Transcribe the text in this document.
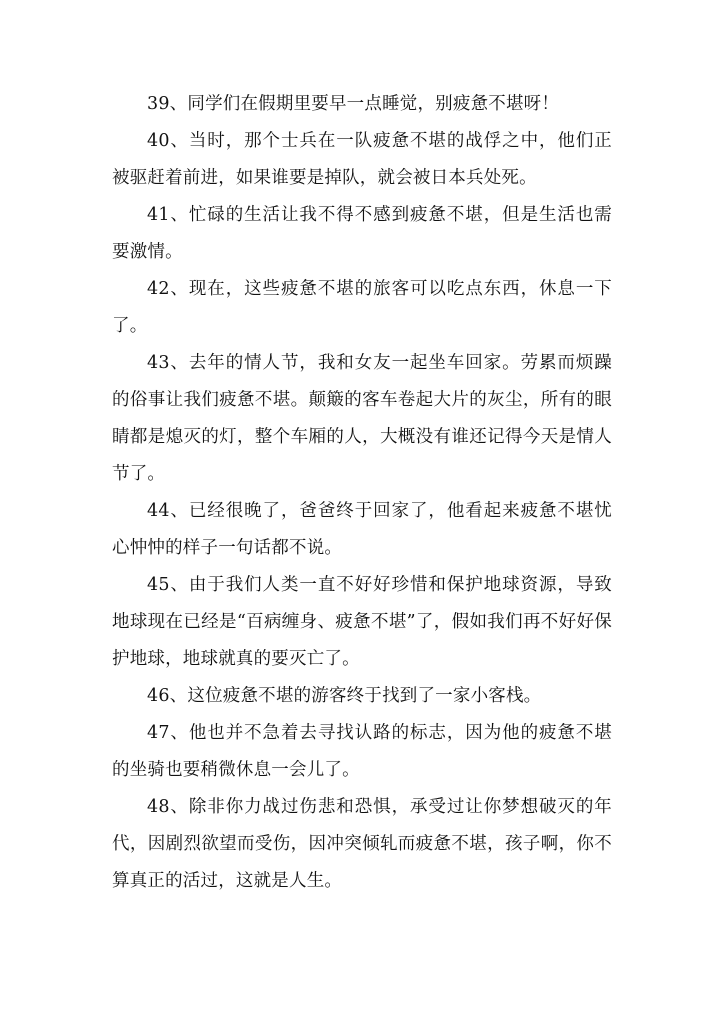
39、同学们在假期里要早一点睡觉，别疲惫不堪呀！

40、当时，那个士兵在一队疲惫不堪的战俘之中，他们正被驱赶着前进，如果谁要是掉队，就会被日本兵处死。

41、忙碌的生活让我不得不感到疲惫不堪，但是生活也需要激情。

42、现在，这些疲惫不堪的旅客可以吃点东西，休息一下了。

43、去年的情人节，我和女友一起坐车回家。劳累而烦躁的俗事让我们疲惫不堪。颠簸的客车卷起大片的灰尘，所有的眼睛都是熄灭的灯，整个车厢的人，大概没有谁还记得今天是情人节了。

44、已经很晚了，爸爸终于回家了，他看起来疲惫不堪忧心忡忡的样子一句话都不说。

45、由于我们人类一直不好好珍惜和保护地球资源，导致地球现在已经是“百病缠身、疲惫不堪”了，假如我们再不好好保护地球，地球就真的要灭亡了。

46、这位疲惫不堪的游客终于找到了一家小客栈。

47、他也并不急着去寻找认路的标志，因为他的疲惫不堪的坐骑也要稍微休息一会儿了。

48、除非你力战过伤悲和恐惧，承受过让你梦想破灭的年代，因剧烈欲望而受伤，因冲突倾轧而疲惫不堪，孩子啊，你不算真正的活过，这就是人生。
